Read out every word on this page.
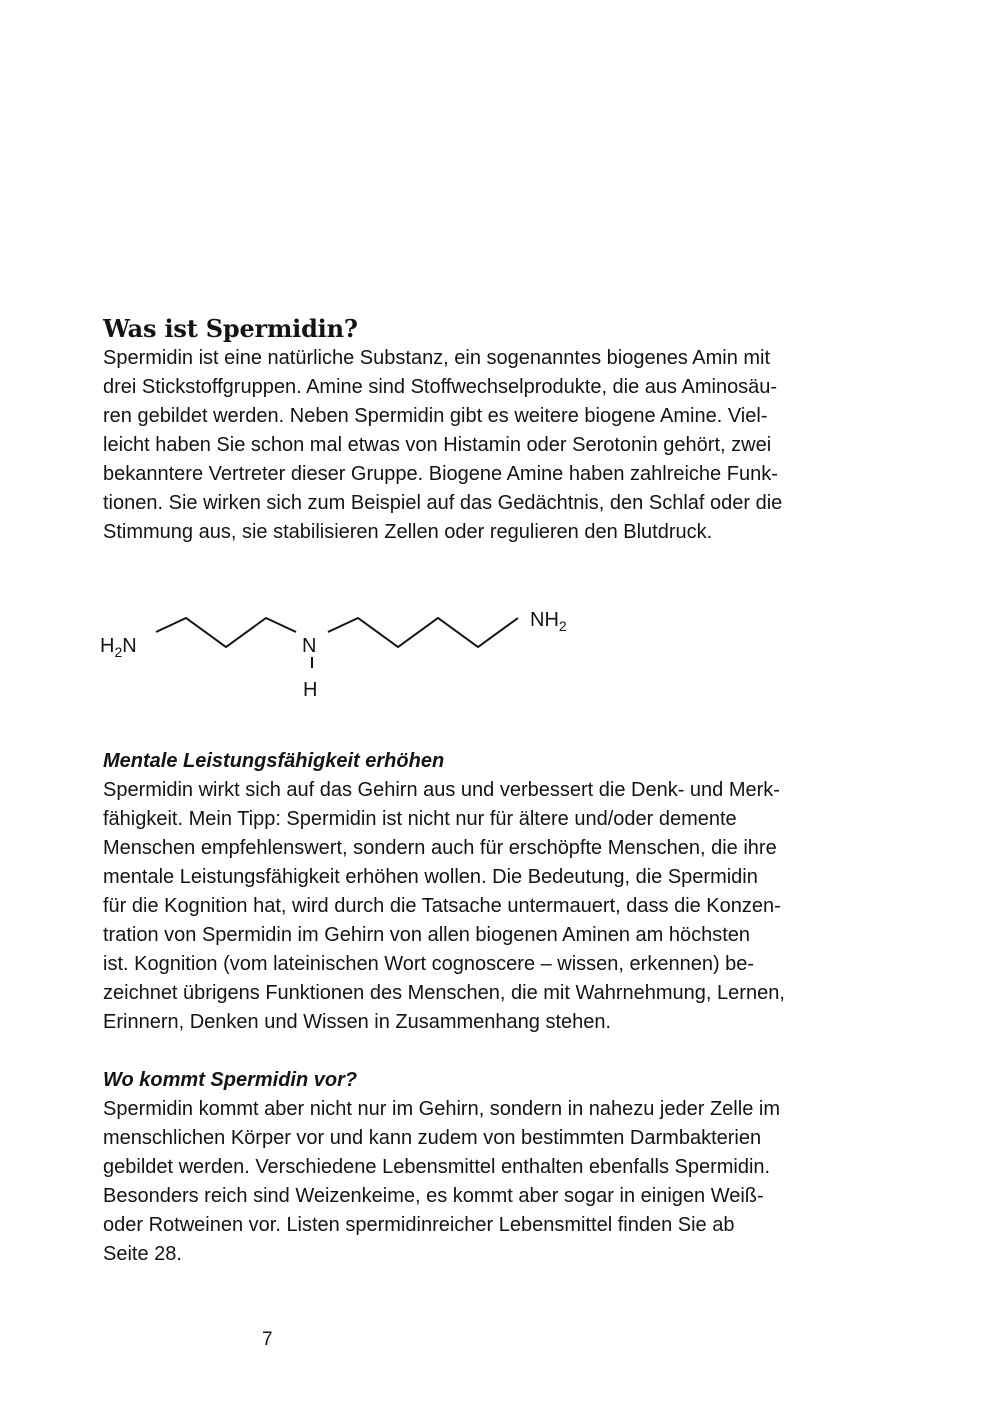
Was ist Spermidin?

Spermidin ist eine natürliche Substanz, ein sogenanntes biogenes Amin mit
drei Stickstoffgruppen. Amine sind Stoffwechselprodukte, die aus Aminosäu-
ren gebildet werden. Neben Spermidin gibt es weitere biogene Amine. Viel-
leicht haben Sie schon mal etwas von Histamin oder Serotonin gehört, zwei
bekanntere Vertreter dieser Gruppe. Biogene Amine haben zahlreiche Funk-
tionen. Sie wirken sich zum Beispiel auf das Gedächtnis, den Schlaf oder die
Stimmung aus, sie stabilisieren Zellen oder regulieren den Blutdruck.

$H_2N$	N
H
$NH_2$
Mentale Leistungsfähigkeit erhöhen

Spermidin wirkt sich auf das Gehirn aus und verbessert die Denk- und Merk-
fähigkeit. Mein Tipp: Spermidin ist nicht nur für ältere und/oder demente
Menschen empfehlenswert, sondern auch für erschöpfte Menschen, die ihre
mentale Leistungsfähigkeit erhöhen wollen. Die Bedeutung, die Spermidin
für die Kognition hat, wird durch die Tatsache untermauert, dass die Konzen-
tration von Spermidin im Gehirn von allen biogenen Aminen am höchsten
ist. Kognition (vom lateinischen Wort cognoscere – wissen, erkennen) be-
zeichnet übrigens Funktionen des Menschen, die mit Wahrnehmung, Lernen,
Erinnern, Denken und Wissen in Zusammenhang stehen.

Wo kommt Spermidin vor?

Spermidin kommt aber nicht nur im Gehirn, sondern in nahezu jeder Zelle im
menschlichen Körper vor und kann zudem von bestimmten Darmbakterien
gebildet werden. Verschiedene Lebensmittel enthalten ebenfalls Spermidin.
Besonders reich sind Weizenkeime, es kommt aber sogar in einigen Weiß-
oder Rotweinen vor. Listen spermidinreicher Lebensmittel finden Sie ab
Seite 28.

7
